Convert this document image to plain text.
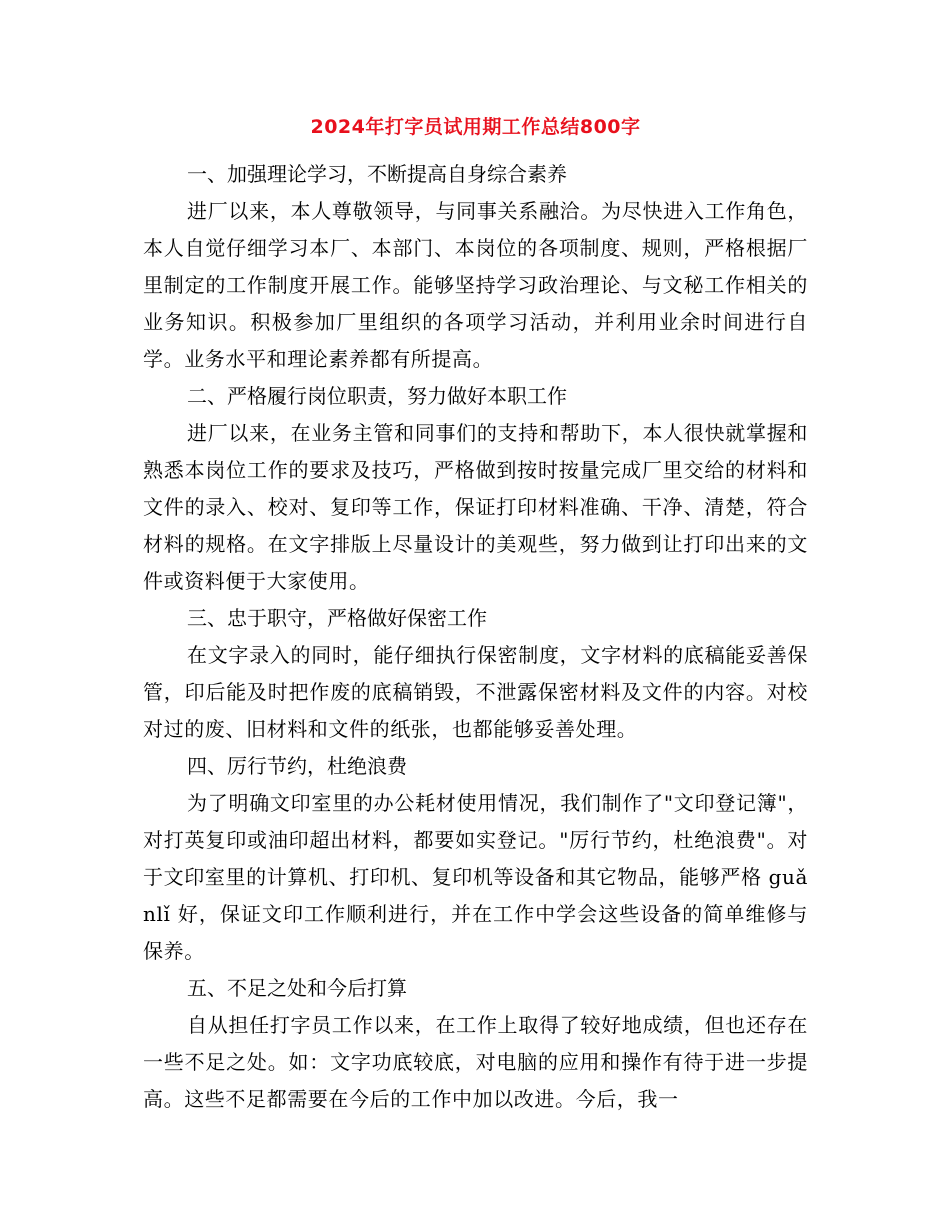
2024年打字员试用期工作总结800字

一、加强理论学习，不断提高自身综合素养

进厂以来，本人尊敬领导，与同事关系融洽。为尽快进入工作角色，本人自觉仔细学习本厂、本部门、本岗位的各项制度、规则，严格根据厂里制定的工作制度开展工作。能够坚持学习政治理论、与文秘工作相关的业务知识。积极参加厂里组织的各项学习活动，并利用业余时间进行自学。业务水平和理论素养都有所提高。

二、严格履行岗位职责，努力做好本职工作

进厂以来，在业务主管和同事们的支持和帮助下，本人很快就掌握和熟悉本岗位工作的要求及技巧，严格做到按时按量完成厂里交给的材料和文件的录入、校对、复印等工作，保证打印材料准确、干净、清楚，符合材料的规格。在文字排版上尽量设计的美观些，努力做到让打印出来的文件或资料便于大家使用。

三、忠于职守，严格做好保密工作

在文字录入的同时，能仔细执行保密制度，文字材料的底稿能妥善保管，印后能及时把作废的底稿销毁，不泄露保密材料及文件的内容。对校对过的废、旧材料和文件的纸张，也都能够妥善处理。

四、厉行节约，杜绝浪费

为了明确文印室里的办公耗材使用情况，我们制作了"文印登记簿"，对打英复印或油印超出材料，都要如实登记。"厉行节约，杜绝浪费"。对于文印室里的计算机、打印机、复印机等设备和其它物品，能够严格 guǎnlǐ 好，保证文印工作顺利进行，并在工作中学会这些设备的简单维修与保养。

五、不足之处和今后打算

自从担任打字员工作以来，在工作上取得了较好地成绩，但也还存在一些不足之处。如：文字功底较底，对电脑的应用和操作有待于进一步提高。这些不足都需要在今后的工作中加以改进。今后，我一
